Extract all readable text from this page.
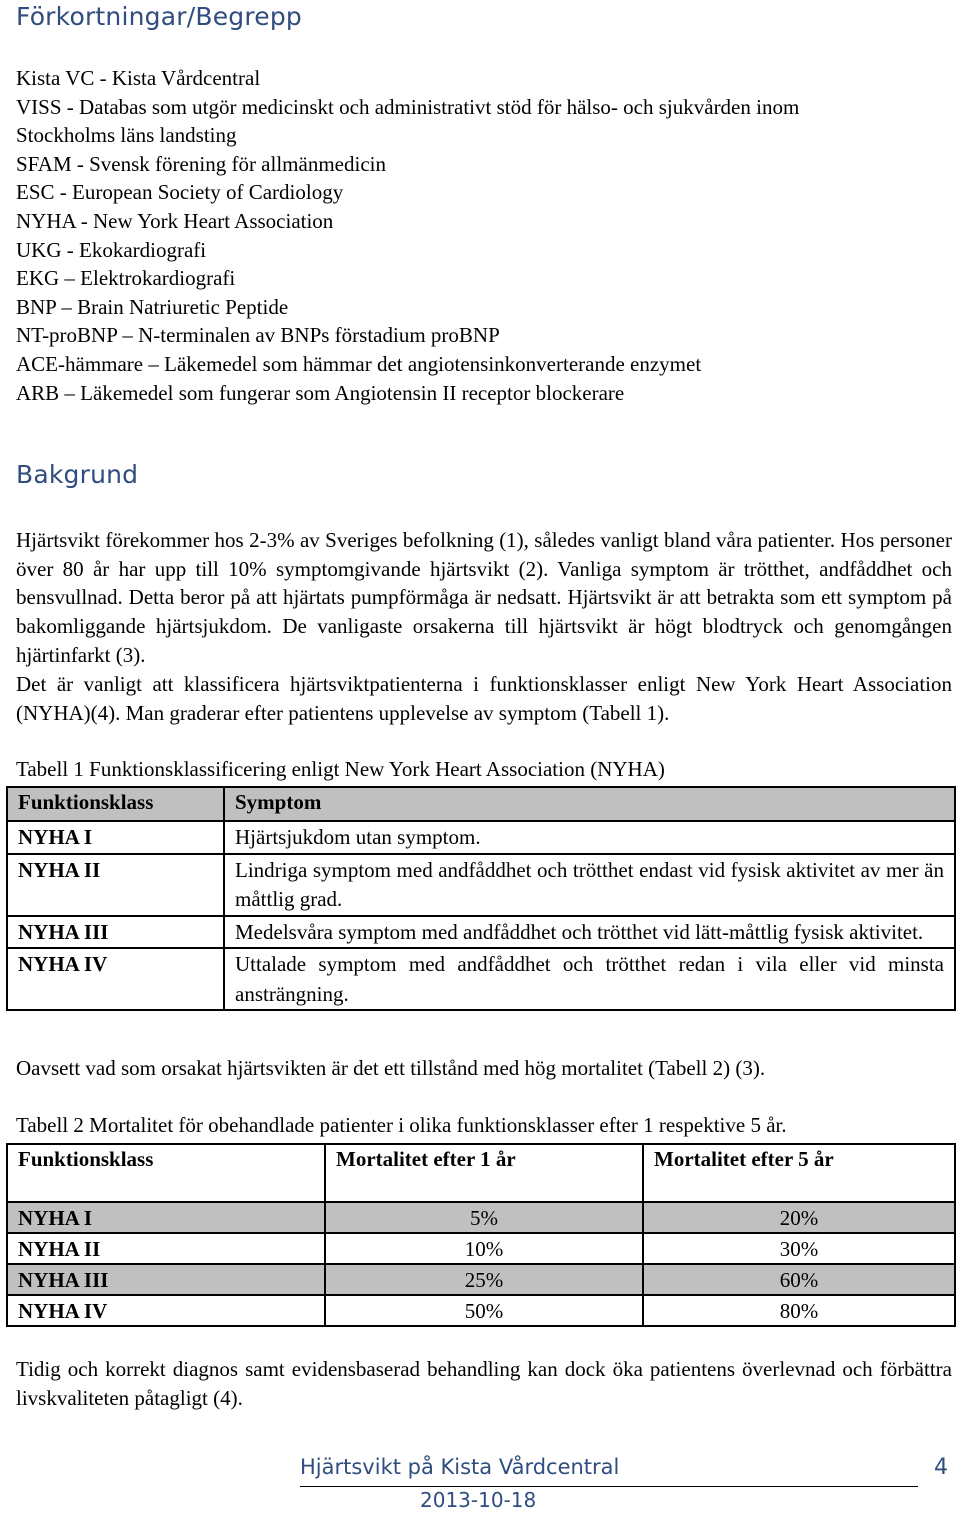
Förkortningar/Begrepp
Kista VC - Kista Vårdcentral
VISS - Databas som utgör medicinskt och administrativt stöd för hälso- och sjukvården inom
Stockholms läns landsting
SFAM - Svensk förening för allmänmedicin
ESC - European Society of Cardiology
NYHA - New York Heart Association
UKG - Ekokardiografi
EKG – Elektrokardiografi
BNP – Brain Natriuretic Peptide
NT-proBNP – N-terminalen av BNPs förstadium proBNP
ACE-hämmare – Läkemedel som hämmar det angiotensinkonverterande enzymet
ARB – Läkemedel som fungerar som Angiotensin II receptor blockerare
Bakgrund

Hjärtsvikt förekommer hos 2-3% av Sveriges befolkning (1), således vanligt bland våra patienter. Hos personer över 80 år har upp till 10% symptomgivande hjärtsvikt (2). Vanliga symptom är trötthet, andfåddhet och bensvullnad. Detta beror på att hjärtats pumpförmåga är nedsatt. Hjärtsvikt är att betrakta som ett symptom på bakomliggande hjärtsjukdom. De vanligaste orsakerna till hjärtsvikt är högt blodtryck och genomgången hjärtinfarkt (3).

Det är vanligt att klassificera hjärtsviktpatienterna i funktionsklasser enligt New York Heart Association (NYHA)(4). Man graderar efter patientens upplevelse av symptom (Tabell 1).

Tabell 1 Funktionsklassificering enligt New York Heart Association (NYHA)

Funktionsklass	Symptom
NYHA I	Hjärtsjukdom utan symptom.
NYHA II	Lindriga symptom med andfåddhet och trötthet endast vid fysisk aktivitet av mer än måttlig grad.
NYHA III	Medelsvåra symptom med andfåddhet och trötthet vid lätt-måttlig fysisk aktivitet.
NYHA IV	Uttalade symptom med andfåddhet och trötthet redan i vila eller vid minsta ansträngning.

Oavsett vad som orsakat hjärtsvikten är det ett tillstånd med hög mortalitet (Tabell 2) (3).

Tabell 2 Mortalitet för obehandlade patienter i olika funktionsklasser efter 1 respektive 5 år.

Funktionsklass	Mortalitet efter 1 år	Mortalitet efter 5 år
NYHA I	5%	20%
NYHA II	10%	30%
NYHA III	25%	60%
NYHA IV	50%	80%

Tidig och korrekt diagnos samt evidensbaserad behandling kan dock öka patientens överlevnad och förbättra livskvaliteten påtagligt (4).

Hjärtsvikt på Kista Vårdcentral	4

2013-10-18
